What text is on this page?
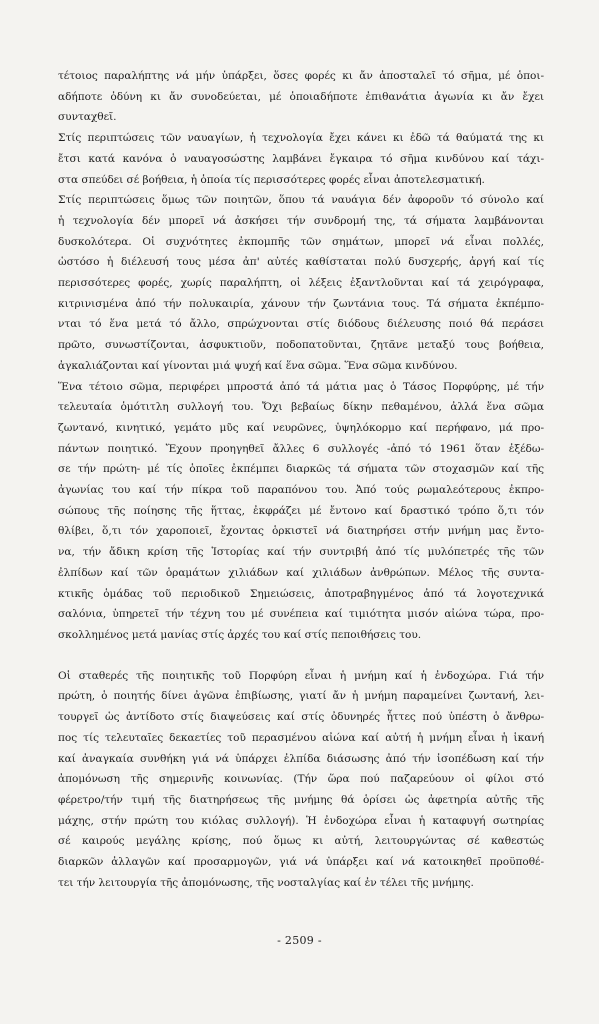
τέτοιος παραλήπτης νά μήν ὑπάρξει, ὅσες φορές κι ἄν ἀποσταλεῖ τό σῆμα, μέ ὁποι-
αδήποτε ὀδύνη κι ἄν συνοδεύεται, μέ ὁποιαδήποτε ἐπιθανάτια ἀγωνία κι ἄν ἔχει
συνταχθεῖ.

Στίς περιπτώσεις τῶν ναυαγίων, ἡ τεχνολογία ἔχει κάνει κι ἐδῶ τά θαύματά της κι
ἔτσι κατά κανόνα ὁ ναυαγοσώστης λαμβάνει ἔγκαιρα τό σῆμα κινδύνου καί τάχι-
στα σπεύδει σέ βοήθεια, ἡ ὁποία τίς περισσότερες φορές εἶναι ἀποτελεσματική.

Στίς περιπτώσεις ὅμως τῶν ποιητῶν, ὅπου τά ναυάγια δέν ἀφοροῦν τό σύνολο καί
ἡ τεχνολογία δέν μπορεῖ νά ἀσκήσει τήν συνδρομή της, τά σήματα λαμβάνονται
δυσκολότερα. Οἱ συχνότητες ἐκπομπῆς τῶν σημάτων, μπορεῖ νά εἶναι πολλές,
ὡστόσο ἡ διέλευσή τους μέσα ἀπ' αὐτές καθίσταται πολύ δυσχερής, ἀργή καί τίς
περισσότερες φορές, χωρίς παραλήπτη, οἱ λέξεις ἐξαντλοῦνται καί τά χειρόγραφα,
κιτρινισμένα ἀπό τήν πολυκαιρία, χάνουν τήν ζωντάνια τους. Τά σήματα ἐκπέμπο-
νται τό ἕνα μετά τό ἄλλο, σπρώχνονται στίς διόδους διέλευσης ποιό θά περάσει
πρῶτο, συνωστίζονται, ἀσφυκτιοῦν, ποδοπατοῦνται, ζητᾶνε μεταξύ τους βοήθεια,
ἀγκαλιάζονται καί γίνονται μιά ψυχή καί ἕνα σῶμα. Ἕνα σῶμα κινδύνου.

Ἕνα τέτοιο σῶμα, περιφέρει μπροστά ἀπό τά μάτια μας ὁ Τάσος Πορφύρης, μέ τήν
τελευταία ὁμότιτλη συλλογή του. Ὄχι βεβαίως δίκην πεθαμένου, ἀλλά ἕνα σῶμα
ζωντανό, κινητικό, γεμάτο μῦς καί νευρῶνες, ὑψηλόκορμο καί περήφανο, μά προ-
πάντων ποιητικό. Ἔχουν προηγηθεῖ ἄλλες 6 συλλογές -ἀπό τό 1961 ὅταν ἐξέδω-
σε τήν πρώτη- μέ τίς ὁποῖες ἐκπέμπει διαρκῶς τά σήματα τῶν στοχασμῶν καί τῆς
ἀγωνίας του καί τήν πίκρα τοῦ παραπόνου του. Ἀπό τούς ρωμαλεότερους ἐκπρο-
σώπους τῆς ποίησης τῆς ἥττας, ἐκφράζει μέ ἔντονο καί δραστικό τρόπο ὅ,τι τόν
θλίβει, ὅ,τι τόν χαροποιεῖ, ἔχοντας ὁρκιστεῖ νά διατηρήσει στήν μνήμη μας ἔντο-
να, τήν ἄδικη κρίση τῆς Ἱστορίας καί τήν συντριβή ἀπό τίς μυλόπετρές τῆς τῶν
ἐλπίδων καί τῶν ὁραμάτων χιλιάδων καί χιλιάδων ἀνθρώπων. Μέλος τῆς συντα-
κτικῆς ὁμάδας τοῦ περιοδικοῦ Σημειώσεις, ἀποτραβηγμένος ἀπό τά λογοτεχνικά
σαλόνια, ὑπηρετεῖ τήν τέχνη του μέ συνέπεια καί τιμιότητα μισόν αἰώνα τώρα, προ-
σκολλημένος μετά μανίας στίς ἀρχές του καί στίς πεποιθήσεις του.

Οἱ σταθερές τῆς ποιητικῆς τοῦ Πορφύρη εἶναι ἡ μνήμη καί ἡ ἐνδοχώρα. Γιά τήν
πρώτη, ὁ ποιητής δίνει ἀγῶνα ἐπιβίωσης, γιατί ἄν ἡ μνήμη παραμείνει ζωντανή, λει-
τουργεῖ ὡς ἀντίδοτο στίς διαψεύσεις καί στίς ὀδυνηρές ἧττες πού ὑπέστη ὁ ἄνθρω-
πος τίς τελευταῖες δεκαετίες τοῦ περασμένου αἰώνα καί αὐτή ἡ μνήμη εἶναι ἡ ἱκανή
καί ἀναγκαία συνθήκη γιά νά ὑπάρχει ἐλπίδα διάσωσης ἀπό τήν ἰσοπέδωση καί τήν
ἀπομόνωση τῆς σημερινῆς κοινωνίας. (Τήν ὥρα πού παζαρεύουν οἱ φίλοι στό
φέρετρο/τήν τιμή τῆς διατηρήσεως τῆς μνήμης θά ὁρίσει ὡς ἀφετηρία αὐτῆς τῆς
μάχης, στήν πρώτη του κιόλας συλλογή). Ἡ ἐνδοχώρα εἶναι ἡ καταφυγή σωτηρίας
σέ καιρούς μεγάλης κρίσης, πού ὅμως κι αὐτή, λειτουργώντας σέ καθεστώς
διαρκῶν ἀλλαγῶν καί προσαρμογῶν, γιά νά ὑπάρξει καί νά κατοικηθεῖ προϋποθέ-
τει τήν λειτουργία τῆς ἀπομόνωσης, τῆς νοσταλγίας καί ἐν τέλει τῆς μνήμης.

- 2509 -
